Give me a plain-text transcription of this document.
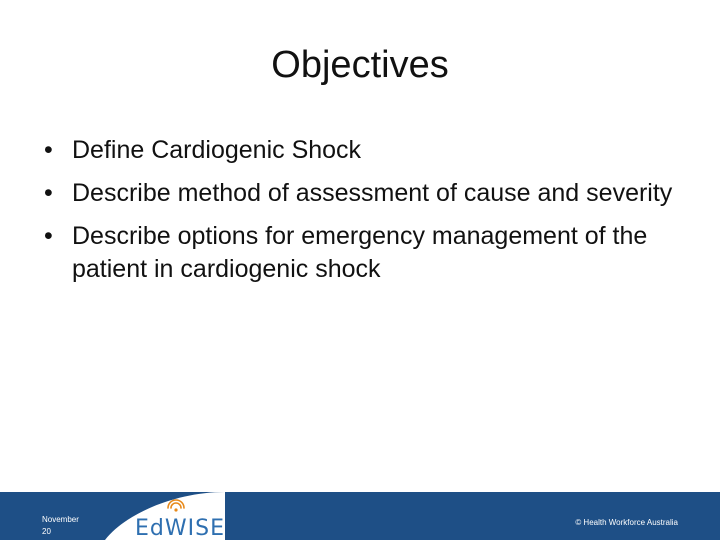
Objectives
• Define Cardiogenic Shock
• Describe method of assessment of cause and severity
• Describe options for emergency management of the patient in cardiogenic shock
November
20
© Health Workforce Australia
EdWISE
